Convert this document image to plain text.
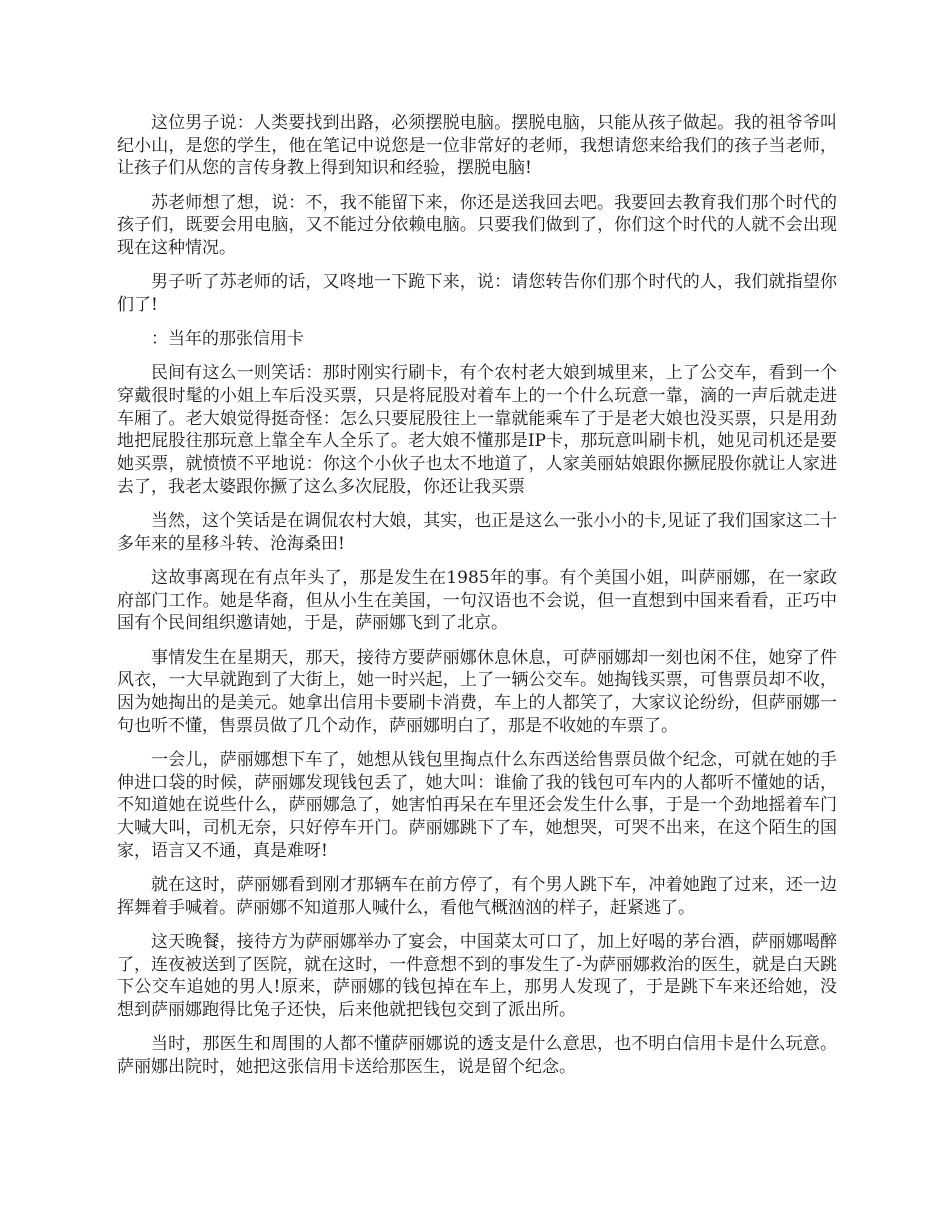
这位男子说：人类要找到出路，必须摆脱电脑。摆脱电脑，只能从孩子做起。我的祖爷爷叫纪小山，是您的学生，他在笔记中说您是一位非常好的老师，我想请您来给我们的孩子当老师，让孩子们从您的言传身教上得到知识和经验，摆脱电脑!

苏老师想了想，说：不，我不能留下来，你还是送我回去吧。我要回去教育我们那个时代的孩子们，既要会用电脑，又不能过分依赖电脑。只要我们做到了，你们这个时代的人就不会出现现在这种情况。

男子听了苏老师的话，又咚地一下跪下来，说：请您转告你们那个时代的人，我们就指望你们了!

：当年的那张信用卡

民间有这么一则笑话：那时刚实行刷卡，有个农村老大娘到城里来，上了公交车，看到一个穿戴很时髦的小姐上车后没买票，只是将屁股对着车上的一个什么玩意一靠，滴的一声后就走进车厢了。老大娘觉得挺奇怪：怎么只要屁股往上一靠就能乘车了于是老大娘也没买票，只是用劲地把屁股往那玩意上靠全车人全乐了。老大娘不懂那是IP卡，那玩意叫刷卡机，她见司机还是要她买票，就愤愤不平地说：你这个小伙子也太不地道了，人家美丽姑娘跟你撅屁股你就让人家进去了，我老太婆跟你撅了这么多次屁股，你还让我买票

当然，这个笑话是在调侃农村大娘，其实，也正是这么一张小小的卡,见证了我们国家这二十多年来的星移斗转、沧海桑田!

这故事离现在有点年头了，那是发生在1985年的事。有个美国小姐，叫萨丽娜，在一家政府部门工作。她是华裔，但从小生在美国，一句汉语也不会说，但一直想到中国来看看，正巧中国有个民间组织邀请她，于是，萨丽娜飞到了北京。

事情发生在星期天，那天，接待方要萨丽娜休息休息，可萨丽娜却一刻也闲不住，她穿了件风衣，一大早就跑到了大街上，她一时兴起，上了一辆公交车。她掏钱买票，可售票员却不收，因为她掏出的是美元。她拿出信用卡要刷卡消费，车上的人都笑了，大家议论纷纷，但萨丽娜一句也听不懂，售票员做了几个动作，萨丽娜明白了，那是不收她的车票了。

一会儿，萨丽娜想下车了，她想从钱包里掏点什么东西送给售票员做个纪念，可就在她的手伸进口袋的时候，萨丽娜发现钱包丢了，她大叫：谁偷了我的钱包可车内的人都听不懂她的话，不知道她在说些什么，萨丽娜急了，她害怕再呆在车里还会发生什么事，于是一个劲地摇着车门大喊大叫，司机无奈，只好停车开门。萨丽娜跳下了车，她想哭，可哭不出来，在这个陌生的国家，语言又不通，真是难呀!

就在这时，萨丽娜看到刚才那辆车在前方停了，有个男人跳下车，冲着她跑了过来，还一边挥舞着手喊着。萨丽娜不知道那人喊什么，看他气概汹汹的样子，赶紧逃了。

这天晚餐，接待方为萨丽娜举办了宴会，中国菜太可口了，加上好喝的茅台酒，萨丽娜喝醉了，连夜被送到了医院，就在这时，一件意想不到的事发生了-为萨丽娜救治的医生，就是白天跳下公交车追她的男人!原来，萨丽娜的钱包掉在车上，那男人发现了，于是跳下车来还给她，没想到萨丽娜跑得比兔子还快，后来他就把钱包交到了派出所。

当时，那医生和周围的人都不懂萨丽娜说的透支是什么意思，也不明白信用卡是什么玩意。萨丽娜出院时，她把这张信用卡送给那医生，说是留个纪念。
